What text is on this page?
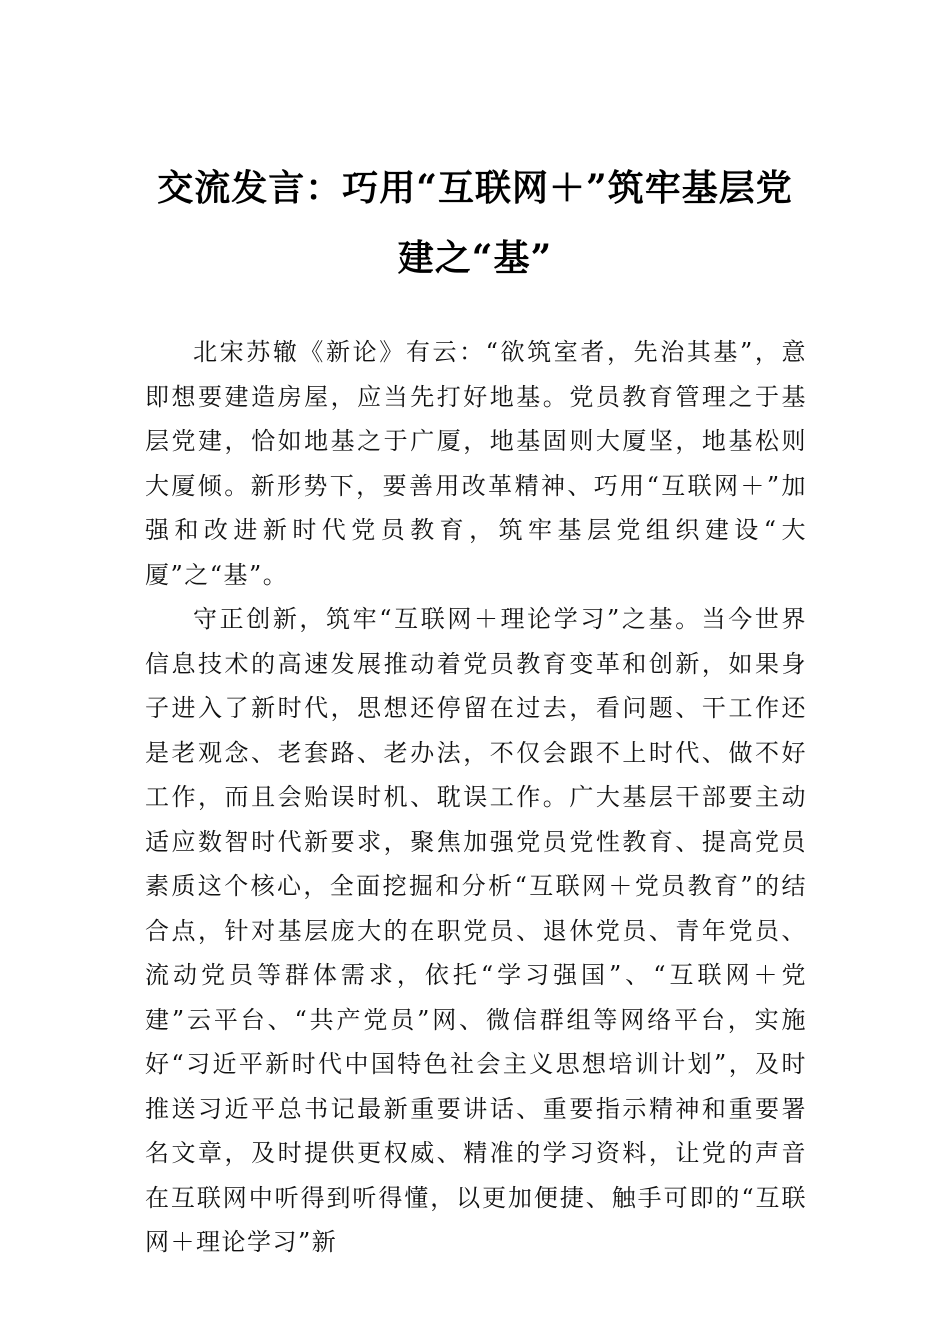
交流发言：巧用“互联网＋”筑牢基层党
建之“基”

北宋苏辙《新论》有云：“欲筑室者，先治其基”，意即想要建造房屋，应当先打好地基。党员教育管理之于基层党建，恰如地基之于广厦，地基固则大厦坚，地基松则大厦倾。新形势下，要善用改革精神、巧用“互联网＋”加强和改进新时代党员教育，筑牢基层党组织建设“大厦”之“基”。

守正创新，筑牢“互联网＋理论学习”之基。当今世界信息技术的高速发展推动着党员教育变革和创新，如果身子进入了新时代，思想还停留在过去，看问题、干工作还是老观念、老套路、老办法，不仅会跟不上时代、做不好工作，而且会贻误时机、耽误工作。广大基层干部要主动适应数智时代新要求，聚焦加强党员党性教育、提高党员素质这个核心，全面挖掘和分析“互联网＋党员教育”的结合点，针对基层庞大的在职党员、退休党员、青年党员、流动党员等群体需求，依托“学习强国”、“互联网＋党建”云平台、“共产党员”网、微信群组等网络平台，实施好“习近平新时代中国特色社会主义思想培训计划”，及时推送习近平总书记最新重要讲话、重要指示精神和重要署名文章，及时提供更权威、精准的学习资料，让党的声音在互联网中听得到听得懂，以更加便捷、触手可即的“互联网＋理论学习”新
